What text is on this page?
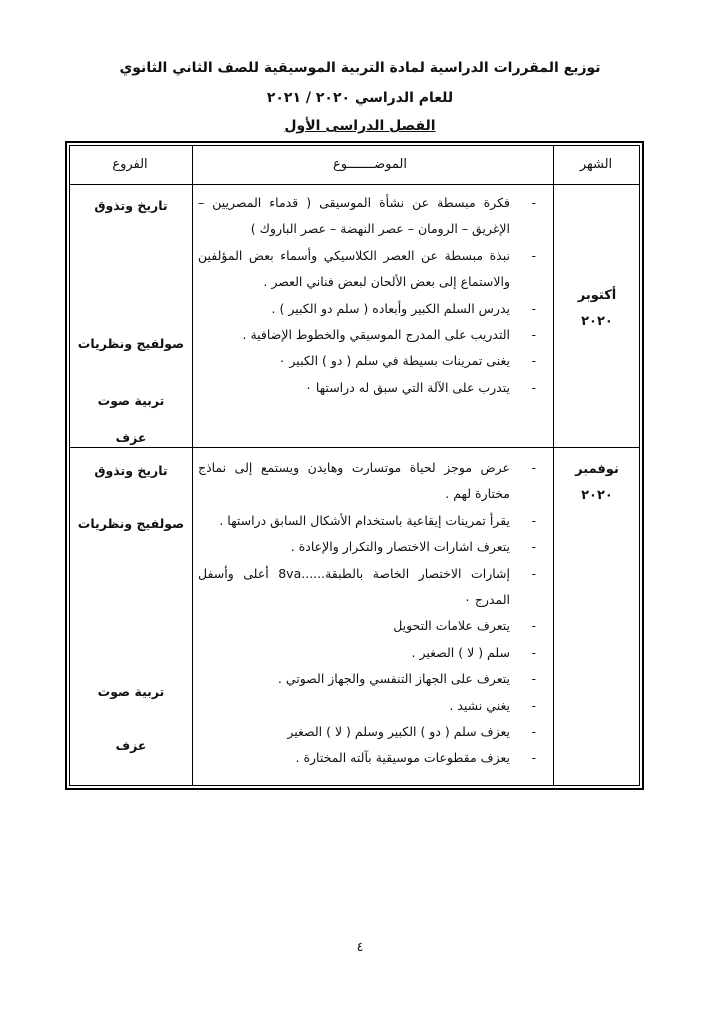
توزيع المقررات الدراسية لمادة التربية الموسيقية للصف الثاني الثانوي
للعام الدراسي ٢٠٢٠ / ٢٠٢١
الفصل الدراسى الأول
الشهر
الموضـــــــوع
الفروع
أكتوبر
٢٠٢٠
- فكرة مبسطة عن نشأة الموسيقى ( قدماء المصريين – الإغريق – الرومان – عصر النهضة – عصر الباروك )
- نبذة مبسطة عن العصر الكلاسيكي وأسماء بعض المؤلفين والاستماع إلى بعض الألحان لبعض فناني العصر .
- يدرس السلم الكبير وأبعاده ( سلم دو الكبير ) .
- التدريب على المدرج الموسيقي والخطوط الإضافية .
- يغنى تمرينات بسيطة في سلم ( دو ) الكبير ٠
- يتدرب على الآلة التي سبق له دراستها ٠
تاريخ وتذوق
صولفيج ونظريات
تربية صوت
عزف
نوفمبر
٢٠٢٠
- عرض موجز لحياة موتسارت وهايدن ويستمع إلى نماذج مختارة لهم .
- يقرأ تمرينات إيقاعية باستخدام الأشكال السابق دراستها .
- يتعرف اشارات الاختصار والتكرار والإعادة .
- إشارات الاختصار الخاصة بالطبقة......8va أعلى وأسفل المدرج ٠
- يتعرف علامات التحويل
- سلم ( لا ) الصغير .
- يتعرف على الجهاز التنفسي والجهاز الصوتي .
- يغني نشيد .
- يعزف سلم ( دو ) الكبير وسلم ( لا ) الصغير
- يعزف مقطوعات موسيقية بآلته المختارة .
تاريخ وتذوق
صولفيج ونظريات
تربية صوت
عزف
٤
